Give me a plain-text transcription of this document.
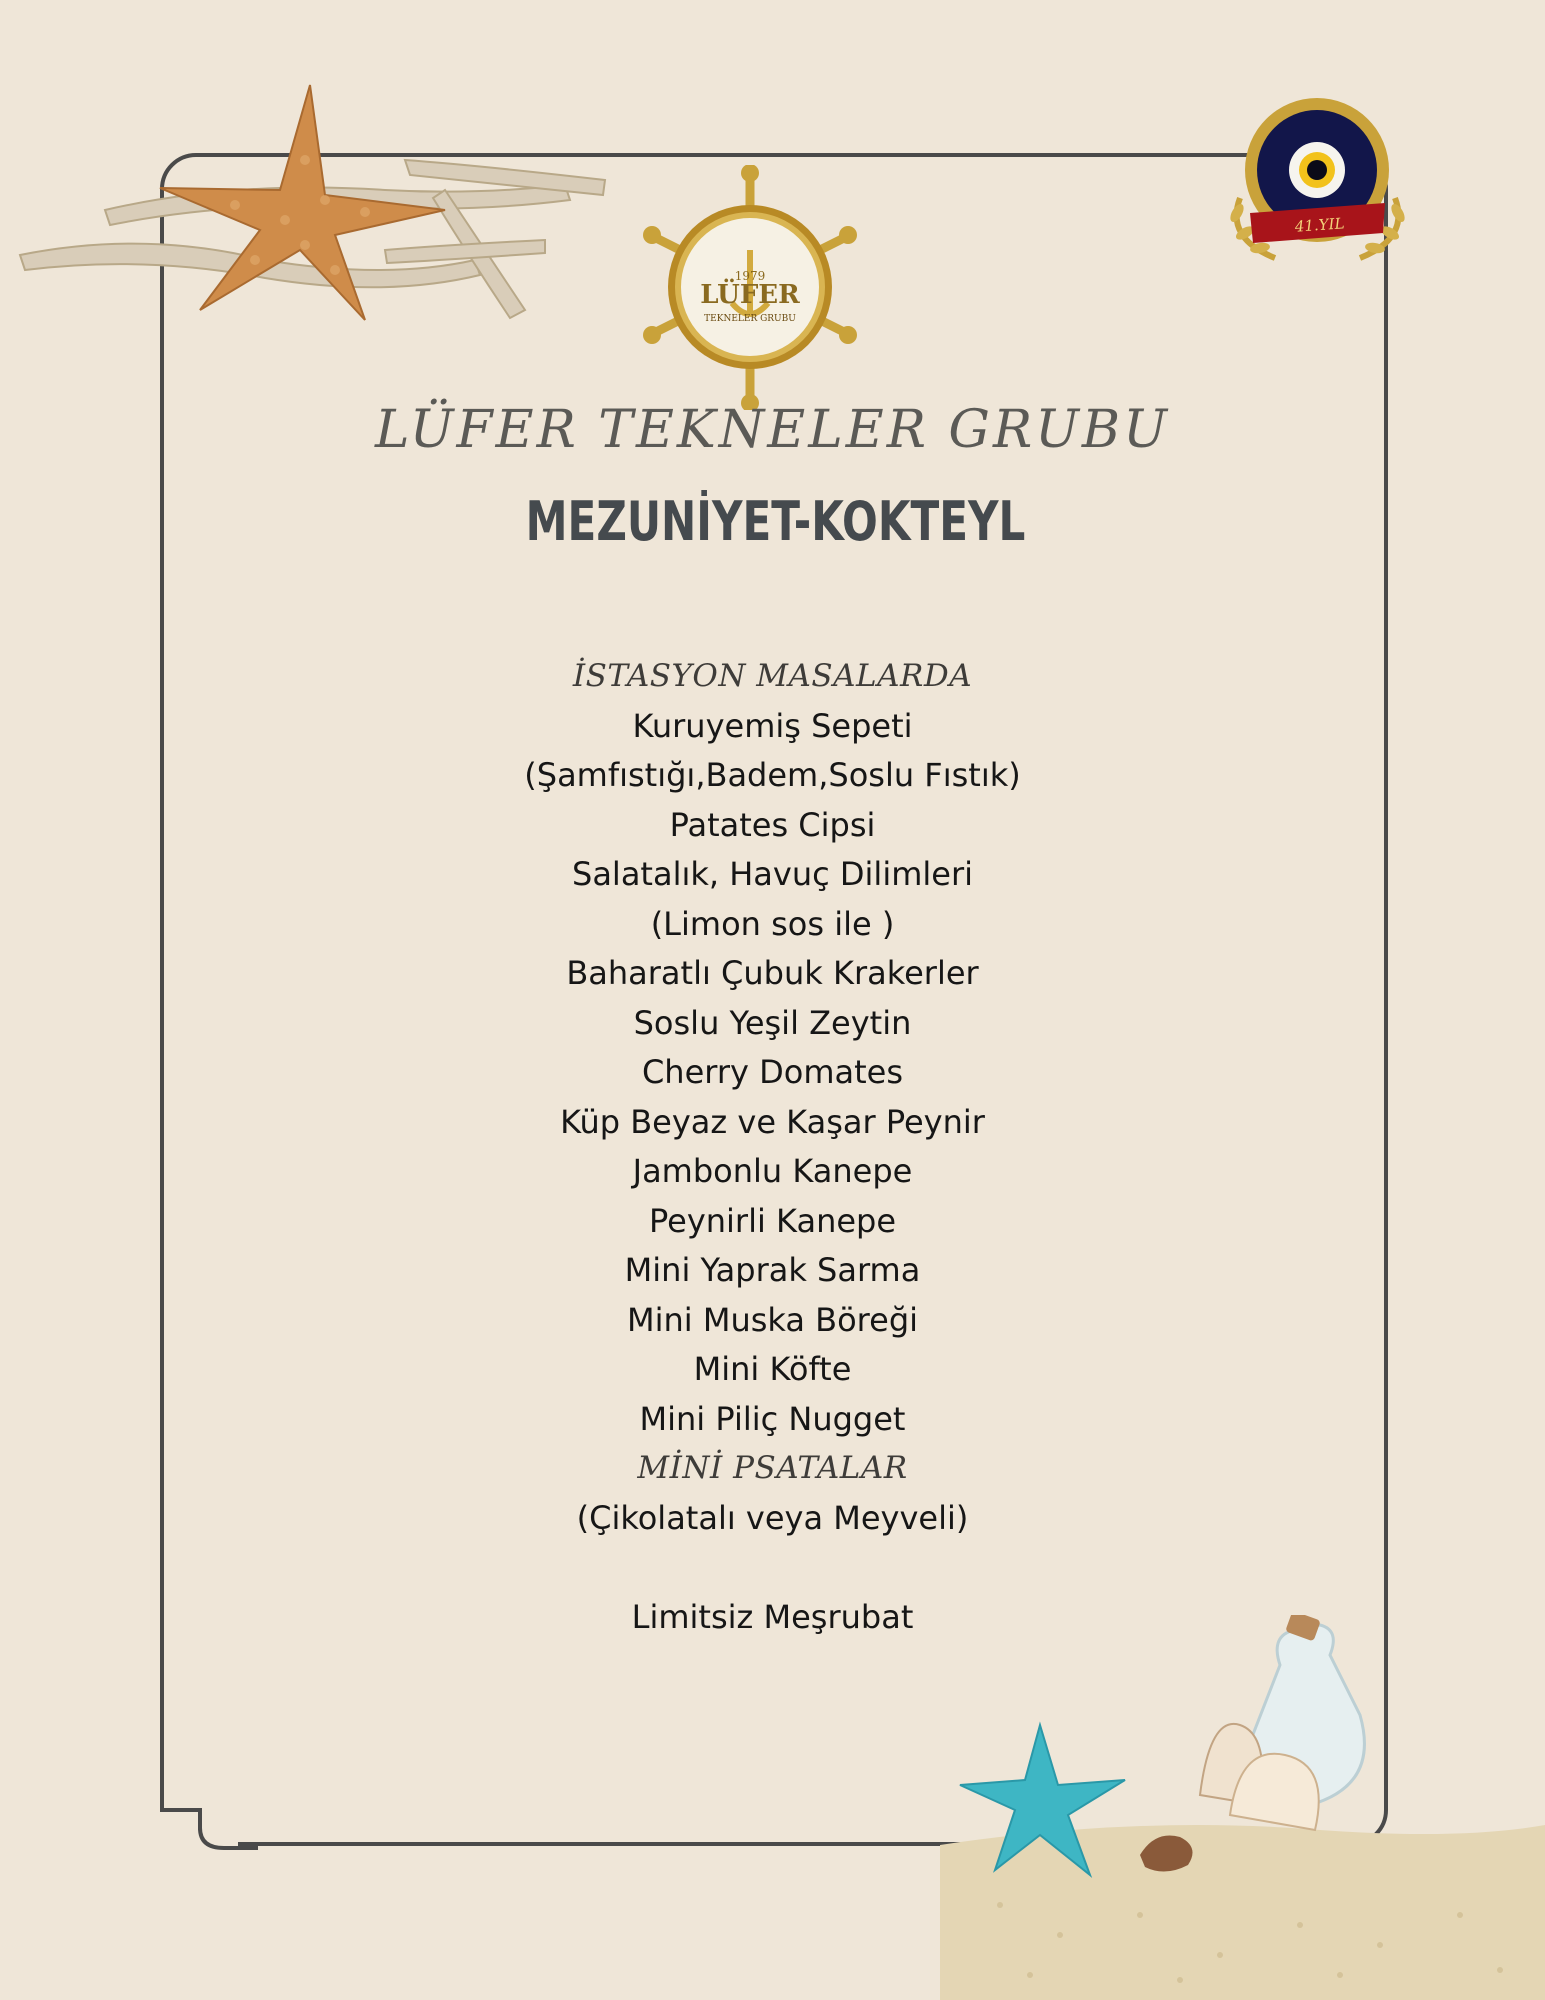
1979
LÜFER
TEKNELER GRUBU
41.YIL
LÜFER TEKNELER GRUBU
MEZUNİYET-KOKTEYL
İSTASYON MASALARDA
Kuruyemiş Sepeti
(Şamfıstığı,Badem,Soslu Fıstık)
Patates Cipsi
Salatalık, Havuç Dilimleri
(Limon sos ile )
Baharatlı Çubuk Krakerler
Soslu Yeşil Zeytin
Cherry Domates
Küp Beyaz ve Kaşar Peynir
Jambonlu Kanepe
Peynirli Kanepe
Mini Yaprak Sarma
Mini Muska Böreği
Mini Köfte
Mini Piliç Nugget
MİNİ PSATALAR
(Çikolatalı veya Meyveli)
Limitsiz Meşrubat
